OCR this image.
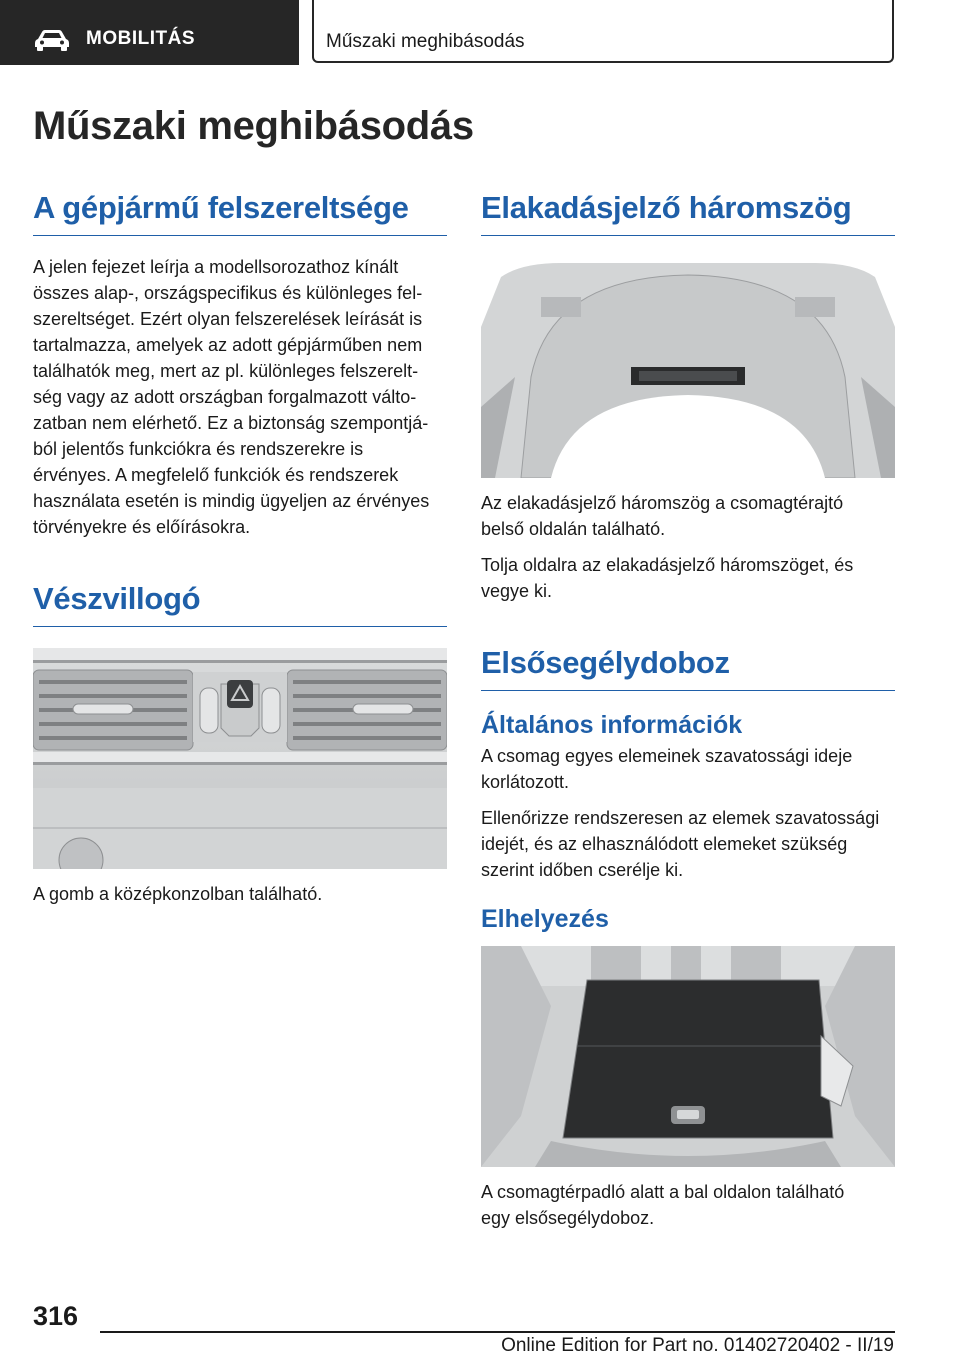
MOBILITÁS	Műszaki meghibásodás
Műszaki meghibásodás
A gépjármű felszereltsége

A jelen fejezet leírja a modellsorozathoz kínált

összes alap-, országspecifikus és különleges fel-

szereltséget. Ezért olyan felszerelések leírását is

tartalmazza, amelyek az adott gépjárműben nem

találhatók meg, mert az pl. különleges felszerelt-

ség vagy az adott országban forgalmazott válto-

zatban nem elérhető. Ez a biztonság szempontjá-

ból jelentős funkciókra és rendszerekre is

érvényes. A megfelelő funkciók és rendszerek

használata esetén is mindig ügyeljen az érvényes

törvényekre és előírásokra.

Vészvillogó

A gomb a középkonzolban található.

Elakadásjelző háromszög

Az elakadásjelző háromszög a csomagtérajtó

belső oldalán található.

Tolja oldalra az elakadásjelző háromszöget, és

vegye ki.

Elsősegélydoboz
Általános információk

A csomag egyes elemeinek szavatossági ideje

korlátozott.

Ellenőrizze rendszeresen az elemek szavatossági

idejét, és az elhasználódott elemeket szükség

szerint időben cserélje ki.

Elhelyezés

A csomagtérpadló alatt a bal oldalon található

egy elsősegélydoboz.

316
Online Edition for Part no. 01402720402 - II/19
